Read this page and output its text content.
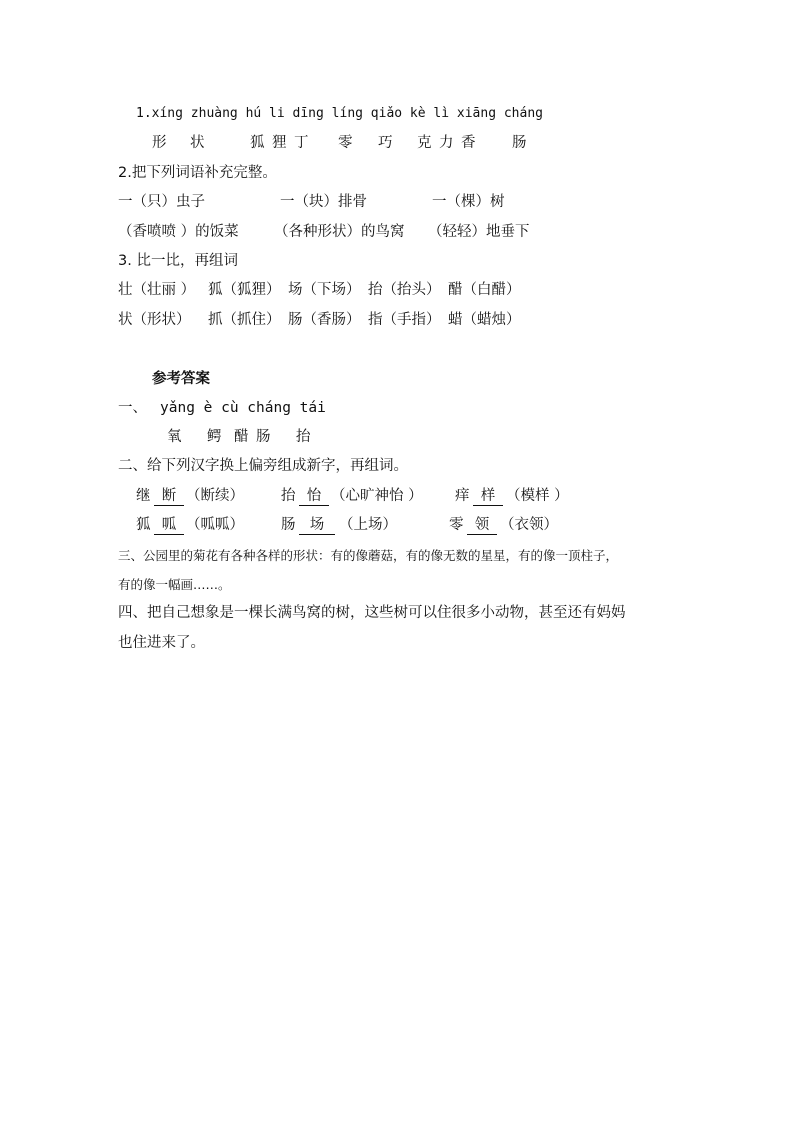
1.xíng zhuàng hú li dīng líng qiǎo kè lì xiāng cháng
形 状	狐 狸 丁 零 巧 克 力 香	肠
2.把下列词语补充完整。
一（只）虫子	一（块）排骨	一（棵）树
（香喷喷 ）的饭菜 （各种形状）的鸟窝 （轻轻）地垂下
3. 比一比，再组词
壮（壮丽 ） 狐（狐狸） 场（下场） 抬（抬头） 醋（白醋）
状（形状） 抓（抓住） 肠（香肠） 指（手指） 蜡（蜡烛）
参考答案
一、 yǎng è cù cháng tái
氧 鳄 醋 肠 抬
二、给下列汉字换上偏旁组成新字，再组词。
继 断 （断续）	抬 怡 （心旷神怡 ） 痒 样 （模样 ）
狐 呱 （呱呱）	肠 场	（上场）	零 领 （衣领）
三、公园里的菊花有各种各样的形状：有的像蘑菇，有的像无数的星星，有的像一顶柱子，
有的像一幅画……。
四、把自己想象是一棵长满鸟窝的树，这些树可以住很多小动物，甚至还有妈妈
也住进来了。
